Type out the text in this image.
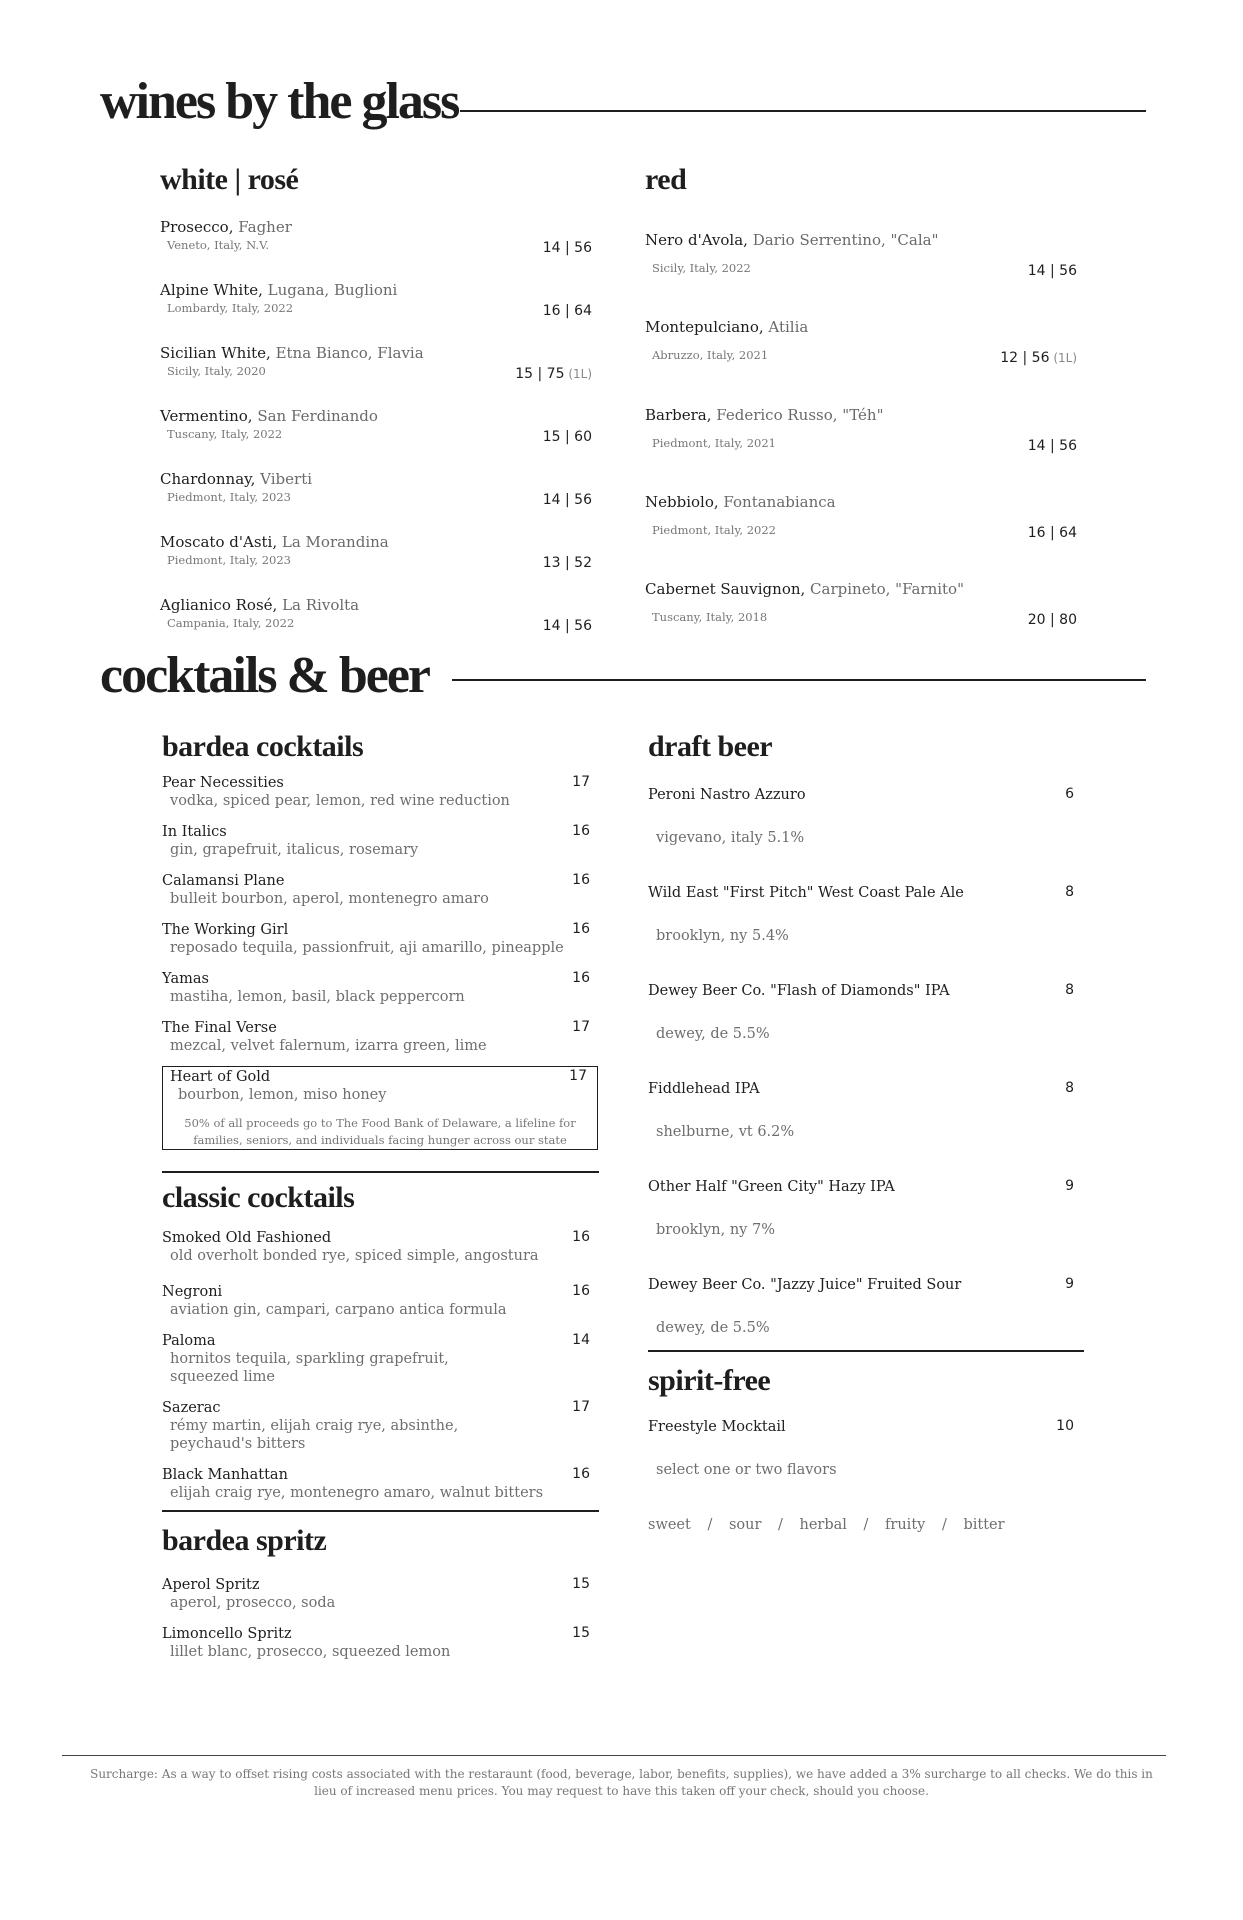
wines by the glass
white | rosé	red
Prosecco, Fagher
Veneto, Italy, N.V.	14 | 56
Alpine White, Lugana, Buglioni
Lombardy, Italy, 2022	16 | 64
Sicilian White, Etna Bianco, Flavia
Sicily, Italy, 2020	15 | 75 (1L)
Vermentino, San Ferdinando
Tuscany, Italy, 2022	15 | 60
Chardonnay, Viberti
Piedmont, Italy, 2023	14 | 56
Moscato d'Asti, La Morandina
Piedmont, Italy, 2023	13 | 52
Aglianico Rosé, La Rivolta
Campania, Italy, 2022	14 | 56
Nero d'Avola, Dario Serrentino, "Cala"
Sicily, Italy, 2022	14 | 56
Montepulciano, Atilia
Abruzzo, Italy, 2021	12 | 56 (1L)
Barbera, Federico Russo, "Téh"
Piedmont, Italy, 2021	14 | 56
Nebbiolo, Fontanabianca
Piedmont, Italy, 2022	16 | 64
Cabernet Sauvignon, Carpineto, "Farnito"
Tuscany, Italy, 2018	20 | 80
cocktails & beer
bardea cocktails
Pear Necessities	17
vodka, spiced pear, lemon, red wine reduction
In Italics	16
gin, grapefruit, italicus, rosemary
Calamansi Plane	16
bulleit bourbon, aperol, montenegro amaro
The Working Girl	16
reposado tequila, passionfruit, aji amarillo, pineapple
Yamas	16
mastiha, lemon, basil, black peppercorn
The Final Verse	17
mezcal, velvet falernum, izarra green, lime
Heart of Gold	17
bourbon, lemon, miso honey
50% of all proceeds go to The Food Bank of Delaware, a lifeline for
families, seniors, and individuals facing hunger across our state
classic cocktails
Smoked Old Fashioned	16
old overholt bonded rye, spiced simple, angostura
Negroni	16
aviation gin, campari, carpano antica formula
Paloma	14
hornitos tequila, sparkling grapefruit,
squeezed lime
Sazerac	17
rémy martin, elijah craig rye, absinthe,
peychaud's bitters
Black Manhattan	16
elijah craig rye, montenegro amaro, walnut bitters
bardea spritz
Aperol Spritz	15
aperol, prosecco, soda
Limoncello Spritz	15
lillet blanc, prosecco, squeezed lemon
draft beer
Peroni Nastro Azzuro	6
vigevano, italy 5.1%
Wild East "First Pitch" West Coast Pale Ale	8
brooklyn, ny 5.4%
Dewey Beer Co. "Flash of Diamonds" IPA	8
dewey, de 5.5%
Fiddlehead IPA	8
shelburne, vt 6.2%
Other Half "Green City" Hazy IPA	9
brooklyn, ny 7%
Dewey Beer Co. "Jazzy Juice" Fruited Sour	9
dewey, de 5.5%
spirit-free
Freestyle Mocktail	10
select one or two flavors
sweet / sour / herbal / fruity / bitter
Surcharge: As a way to offset rising costs associated with the restaraunt (food, beverage, labor, benefits, supplies), we have added a 3% surcharge to all checks. We do this in
lieu of increased menu prices. You may request to have this taken off your check, should you choose.
